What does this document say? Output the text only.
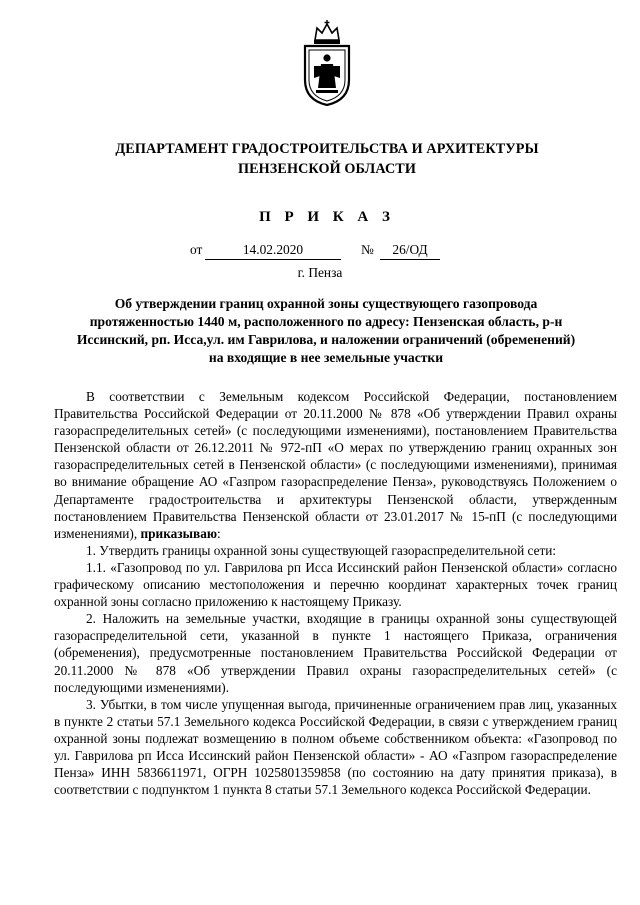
ДЕПАРТАМЕНТ ГРАДОСТРОИТЕЛЬСТВА И АРХИТЕКТУРЫ
ПЕНЗЕНСКОЙ ОБЛАСТИ
П Р И К А З
от	14.02.2020	№	26/ОД
г. Пенза
Об утверждении границ охранной зоны существующего газопровода
протяженностью 1440 м, расположенного по адресу: Пензенская область, р-н
Иссинский, рп. Исса,ул. им Гаврилова, и наложении ограничений (обременений)
на входящие в нее земельные участки

В соответствии с Земельным кодексом Российской Федерации, постановлением Правительства Российской Федерации от 20.11.2000 № 878 «Об утверждении Правил охраны газораспределительных сетей» (с последующими изменениями), постановлением Правительства Пензенской области от 26.12.2011 № 972-пП «О мерах по утверждению границ охранных зон газораспределительных сетей в Пензенской области» (с последующими изменениями), принимая во внимание обращение АО «Газпром газораспределение Пенза», руководствуясь Положением о Департаменте градостроительства и архитектуры Пензенской области, утвержденным постановлением Правительства Пензенской области от 23.01.2017 № 15-пП (с последующими изменениями), приказываю:

1. Утвердить границы охранной зоны существующей газораспределительной сети:

1.1. «Газопровод по ул. Гаврилова рп Исса Иссинский район Пензенской области» согласно графическому описанию местоположения и перечню координат характерных точек границ охранной зоны согласно приложению к настоящему Приказу.

2. Наложить на земельные участки, входящие в границы охранной зоны существующей газораспределительной сети, указанной в пункте 1 настоящего Приказа, ограничения (обременения), предусмотренные постановлением Правительства Российской Федерации от 20.11.2000 № 878 «Об утверждении Правил охраны газораспределительных сетей» (с последующими изменениями).

3. Убытки, в том числе упущенная выгода, причиненные ограничением прав лиц, указанных в пункте 2 статьи 57.1 Земельного кодекса Российской Федерации, в связи с утверждением границ охранной зоны подлежат возмещению в полном объеме собственником объекта: «Газопровод по ул. Гаврилова рп Исса Иссинский район Пензенской области» - АО «Газпром газораспределение Пенза» ИНН 5836611971, ОГРН 1025801359858 (по состоянию на дату принятия приказа), в соответствии с подпунктом 1 пункта 8 статьи 57.1 Земельного кодекса Российской Федерации.
